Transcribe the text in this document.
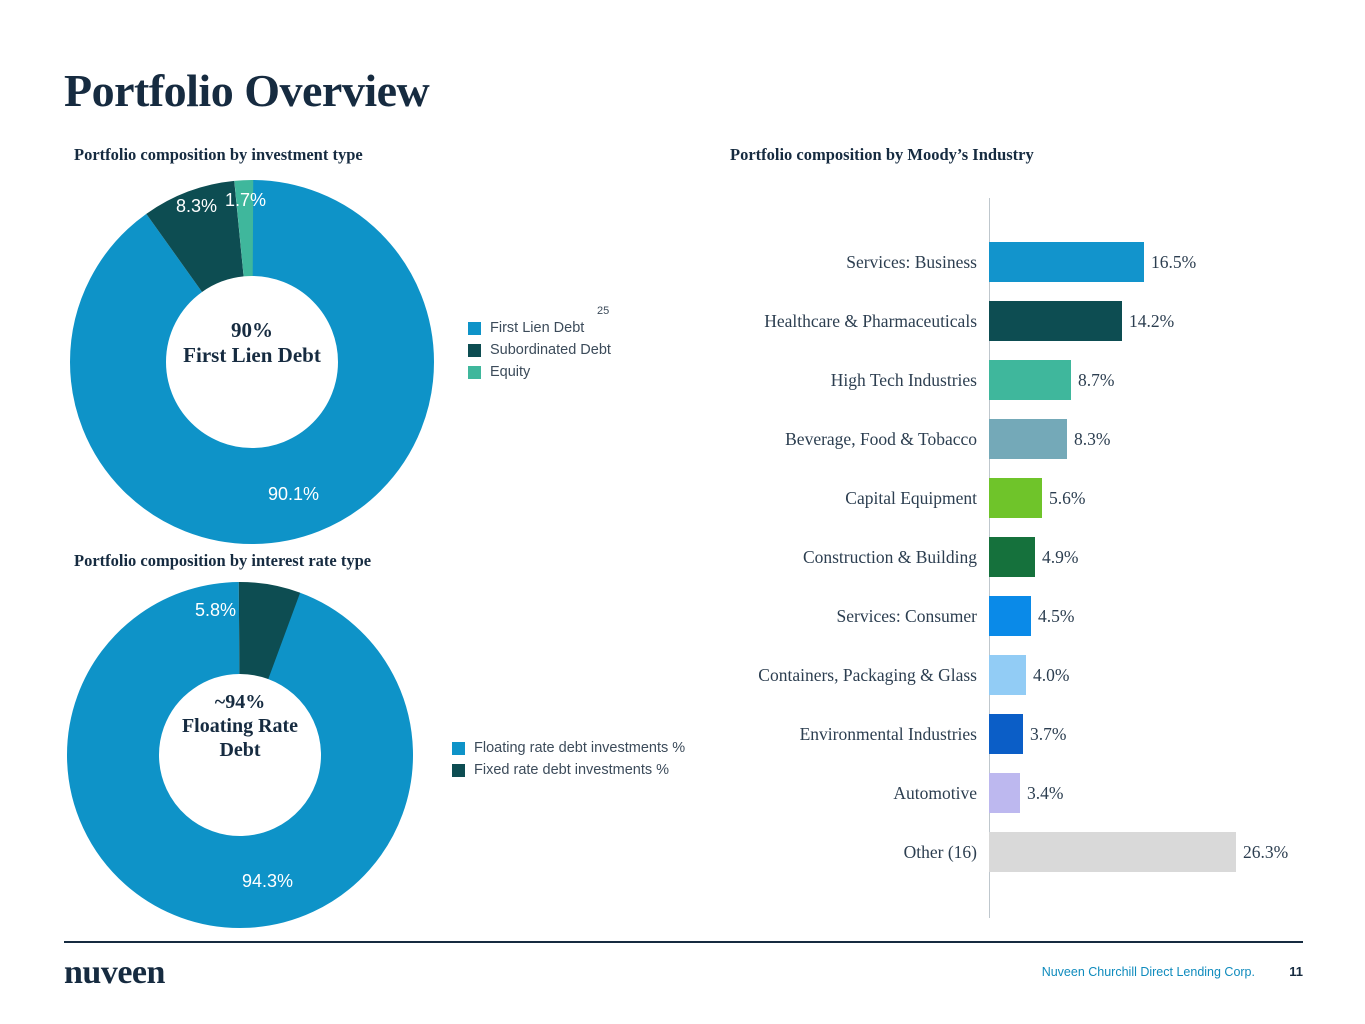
Portfolio Overview
Portfolio composition by investment type
Portfolio composition by interest rate type
Portfolio composition by Moody’s Industry
90%
First Lien Debt
8.3% 1.7%
90.1%
First Lien Debt
Subordinated Debt
Equity
25
~94%
Floating Rate
Debt
5.8%
94.3%
Floating rate debt investments %
Fixed rate debt investments %
Services: Business	16.5%
Healthcare & Pharmaceuticals	14.2%
High Tech Industries	8.7%
Beverage, Food & Tobacco	8.3%
Capital Equipment	5.6%
Construction & Building	4.9%
Services: Consumer	4.5%
Containers, Packaging & Glass	4.0%
Environmental Industries	3.7%
Automotive	3.4%
Other (16)	26.3%
nuveen	Nuveen Churchill Direct Lending Corp.	11
